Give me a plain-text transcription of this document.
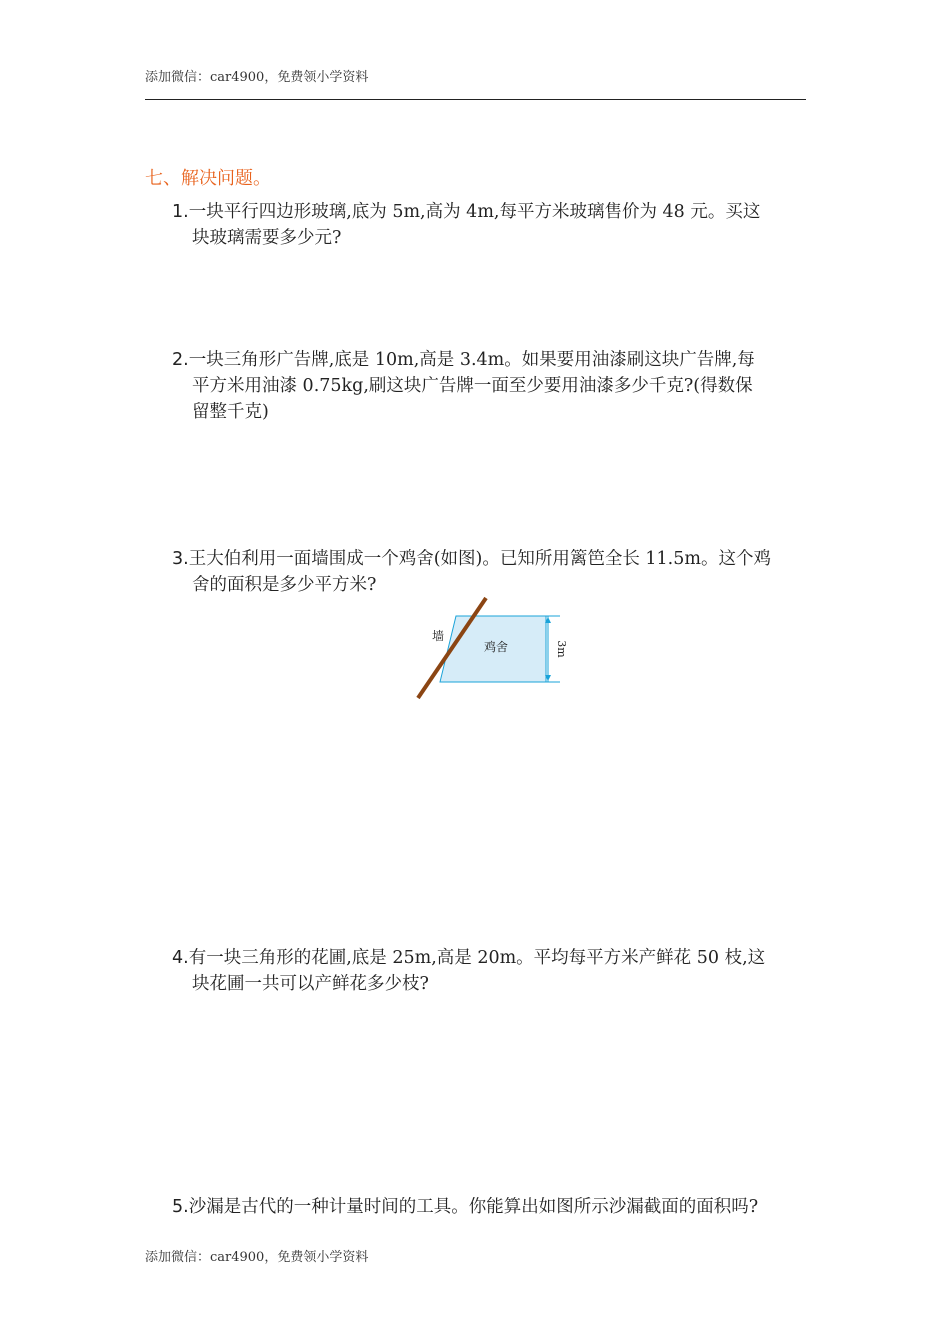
添加微信：car4900，免费领小学资料
七、解决问题。
1.一块平行四边形玻璃,底为 5m,高为 4m,每平方米玻璃售价为 48 元。买这
块玻璃需要多少元?
2.一块三角形广告牌,底是 10m,高是 3.4m。如果要用油漆刷这块广告牌,每
平方米用油漆 0.75kg,刷这块广告牌一面至少要用油漆多少千克?(得数保
留整千克)
3.王大伯利用一面墙围成一个鸡舍(如图)。已知所用篱笆全长 11.5m。这个鸡
舍的面积是多少平方米?
墙
鸡舍	3m
4.有一块三角形的花圃,底是 25m,高是 20m。平均每平方米产鲜花 50 枝,这
块花圃一共可以产鲜花多少枝?
5.沙漏是古代的一种计量时间的工具。你能算出如图所示沙漏截面的面积吗?
添加微信：car4900，免费领小学资料
